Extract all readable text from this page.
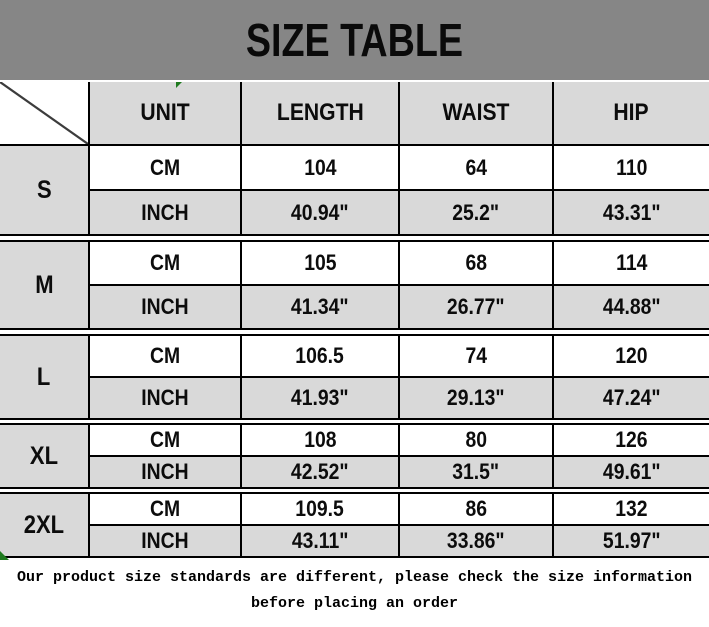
SIZE TABLE
UNIT	LENGTH	WAIST	HIP
S
CM	104	64	110
INCH	40.94"	25.2"	43.31"
M
CM	105	68	114
INCH	41.34"	26.77"	44.88"
L
CM	106.5	74	120
INCH	41.93"	29.13"	47.24"
XL
CM	108	80	126
INCH	42.52"	31.5"	49.61"
2XL
CM	109.5	86	132
INCH	43.11"	33.86"	51.97"
Our product size standards are different, please check the size information
before placing an order
